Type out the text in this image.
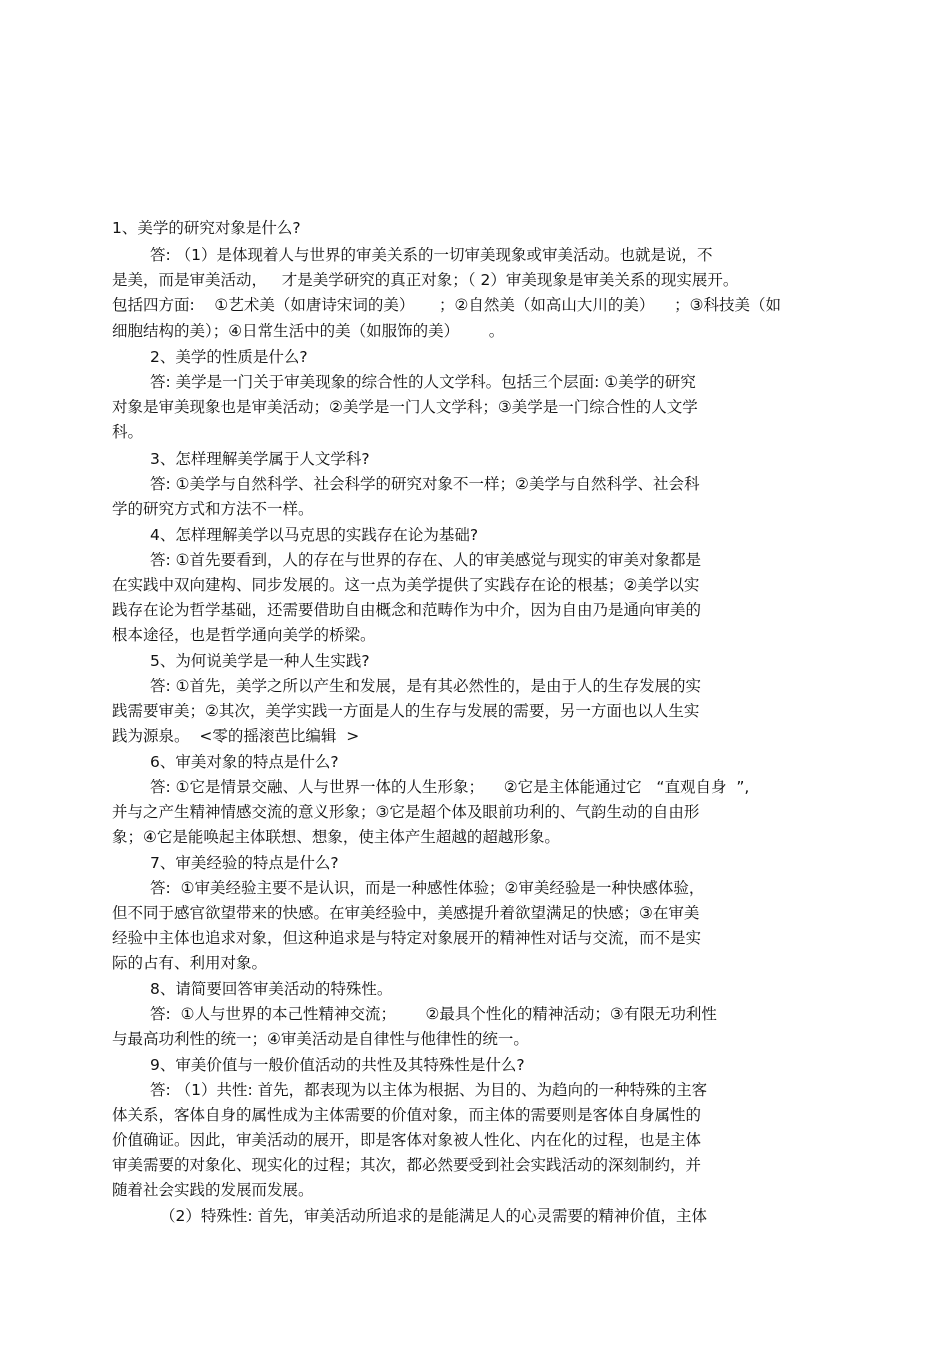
1、美学的研究对象是什么?
答: （1）是体现着人与世界的审美关系的一切审美现象或审美活动。也就是说，不
是美，而是审美活动，   才是美学研究的真正对象；（ 2）审美现象是审美关系的现实展开。
包括四方面:    ①艺术美（如唐诗宋词的美）     ；②自然美（如高山大川的美）    ；③科技美（如
细胞结构的美）；④日常生活中的美（如服饰的美）      。
2、美学的性质是什么?
答: 美学是一门关于审美现象的综合性的人文学科。包括三个层面: ①美学的研究
对象是审美现象也是审美活动；②美学是一门人文学科；③美学是一门综合性的人文学
科。
3、怎样理解美学属于人文学科?
答: ①美学与自然科学、社会科学的研究对象不一样；②美学与自然科学、社会科
学的研究方式和方法不一样。
4、怎样理解美学以马克思的实践存在论为基础?
答: ①首先要看到，人的存在与世界的存在、人的审美感觉与现实的审美对象都是
在实践中双向建构、同步发展的。这一点为美学提供了实践存在论的根基；②美学以实
践存在论为哲学基础，还需要借助自由概念和范畴作为中介，因为自由乃是通向审美的
根本途径，也是哲学通向美学的桥梁。
5、为何说美学是一种人生实践?
答: ①首先，美学之所以产生和发展，是有其必然性的，是由于人的生存发展的实
践需要审美；②其次，美学实践一方面是人的生存与发展的需要，另一方面也以人生实
践为源泉。  <零的摇滚芭比编辑  >
6、审美对象的特点是什么?
答: ①它是情景交融、人与世界一体的人生形象；    ②它是主体能通过它   “直观自身  ”,
并与之产生精神情感交流的意义形象；③它是超个体及眼前功利的、气韵生动的自由形
象；④它是能唤起主体联想、想象，使主体产生超越的超越形象。
7、审美经验的特点是什么?
答:  ①审美经验主要不是认识，而是一种感性体验；②审美经验是一种快感体验，
但不同于感官欲望带来的快感。在审美经验中，美感提升着欲望满足的快感；③在审美
经验中主体也追求对象，但这种追求是与特定对象展开的精神性对话与交流，而不是实
际的占有、利用对象。
8、请简要回答审美活动的特殊性。
答:  ①人与世界的本己性精神交流；      ②最具个性化的精神活动；③有限无功利性
与最高功利性的统一；④审美活动是自律性与他律性的统一。
9、审美价值与一般价值活动的共性及其特殊性是什么?
答: （1）共性: 首先，都表现为以主体为根据、为目的、为趋向的一种特殊的主客
体关系，客体自身的属性成为主体需要的价值对象，而主体的需要则是客体自身属性的
价值确证。因此，审美活动的展开，即是客体对象被人性化、内在化的过程，也是主体
审美需要的对象化、现实化的过程；其次，都必然要受到社会实践活动的深刻制约，并
随着社会实践的发展而发展。
（2）特殊性: 首先，审美活动所追求的是能满足人的心灵需要的精神价值，主体
